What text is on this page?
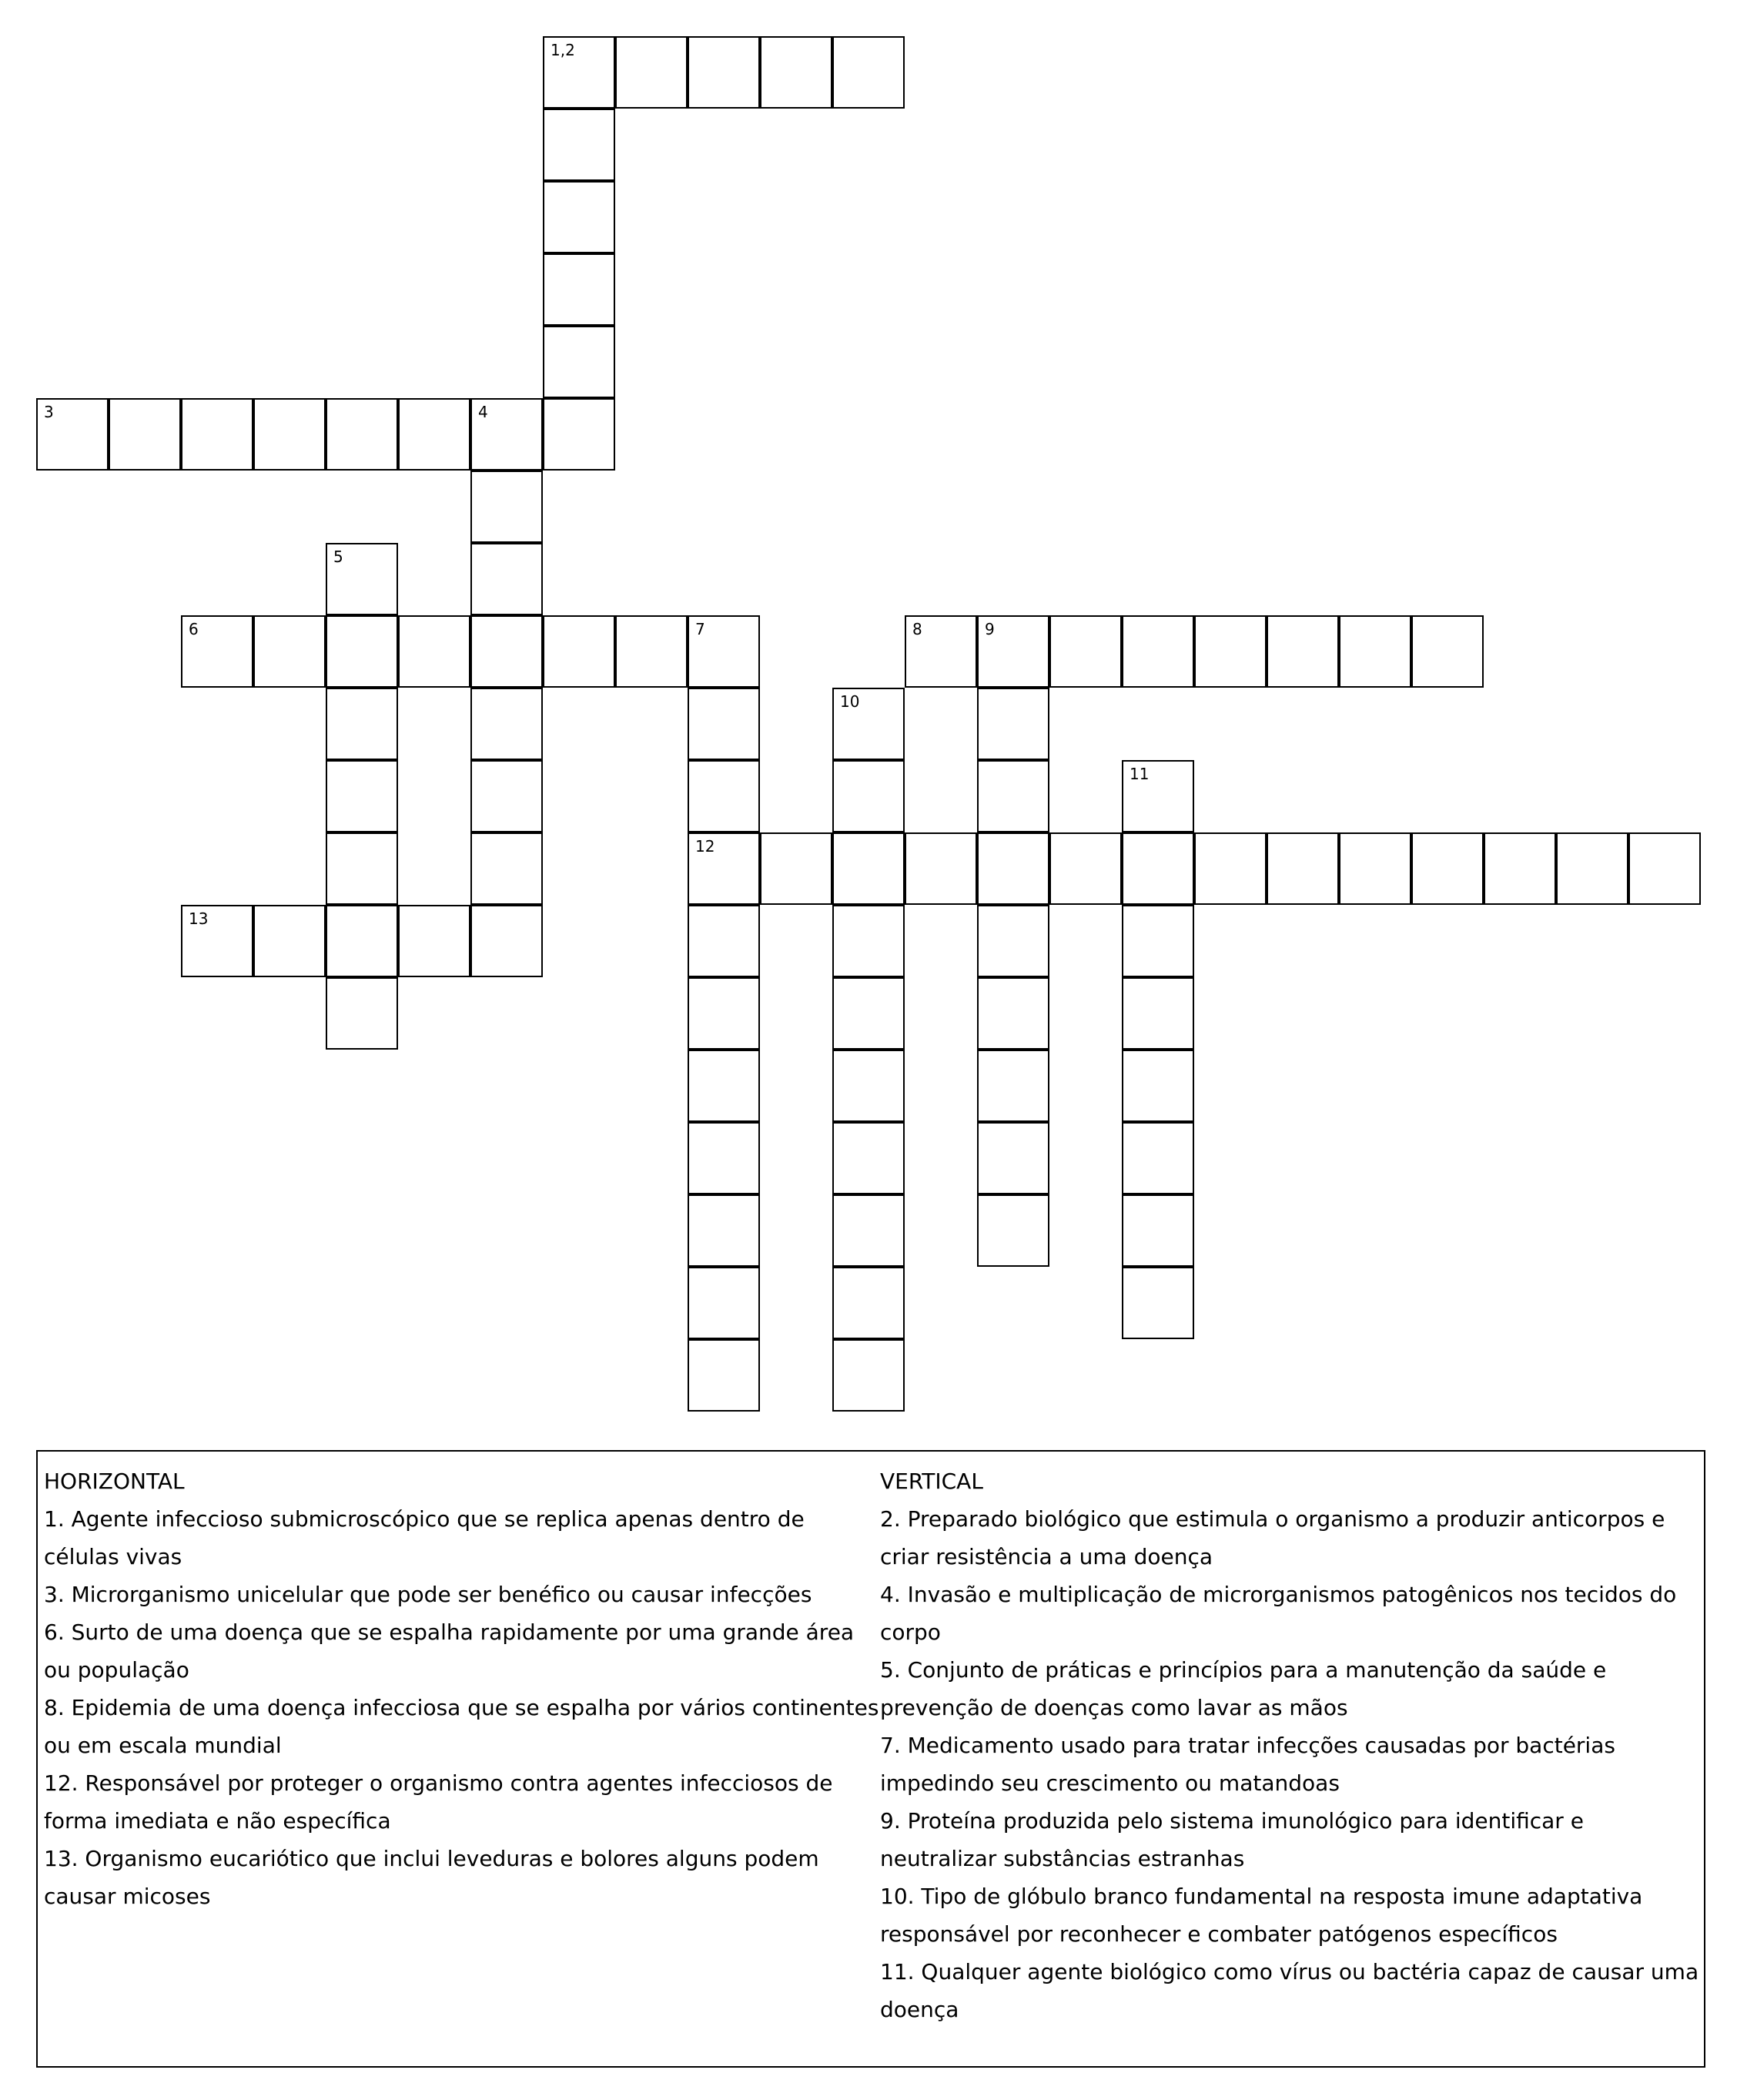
1,2
3	4
5
6	7
12
8	9
10
11
13
HORIZONTAL
1. Agente infeccioso submicroscópico que se replica apenas dentro de células vivas
3. Microrganismo unicelular que pode ser benéfico ou causar infecções
6. Surto de uma doença que se espalha rapidamente por uma grande área ou população
8. Epidemia de uma doença infecciosa que se espalha por vários continentes ou em escala mundial
12. Responsável por proteger o organismo contra agentes infecciosos de forma imediata e não específica
13. Organismo eucariótico que inclui leveduras e bolores alguns podem causar micoses
VERTICAL
2. Preparado biológico que estimula o organismo a produzir anticorpos e criar resistência a uma doença
4. Invasão e multiplicação de microrganismos patogênicos nos tecidos do corpo
5. Conjunto de práticas e princípios para a manutenção da saúde e prevenção de doenças como lavar as mãos
7. Medicamento usado para tratar infecções causadas por bactérias impedindo seu crescimento ou matandoas
9. Proteína produzida pelo sistema imunológico para identificar e neutralizar substâncias estranhas
10. Tipo de glóbulo branco fundamental na resposta imune adaptativa responsável por reconhecer e combater patógenos específicos
11. Qualquer agente biológico como vírus ou bactéria capaz de causar uma doença
